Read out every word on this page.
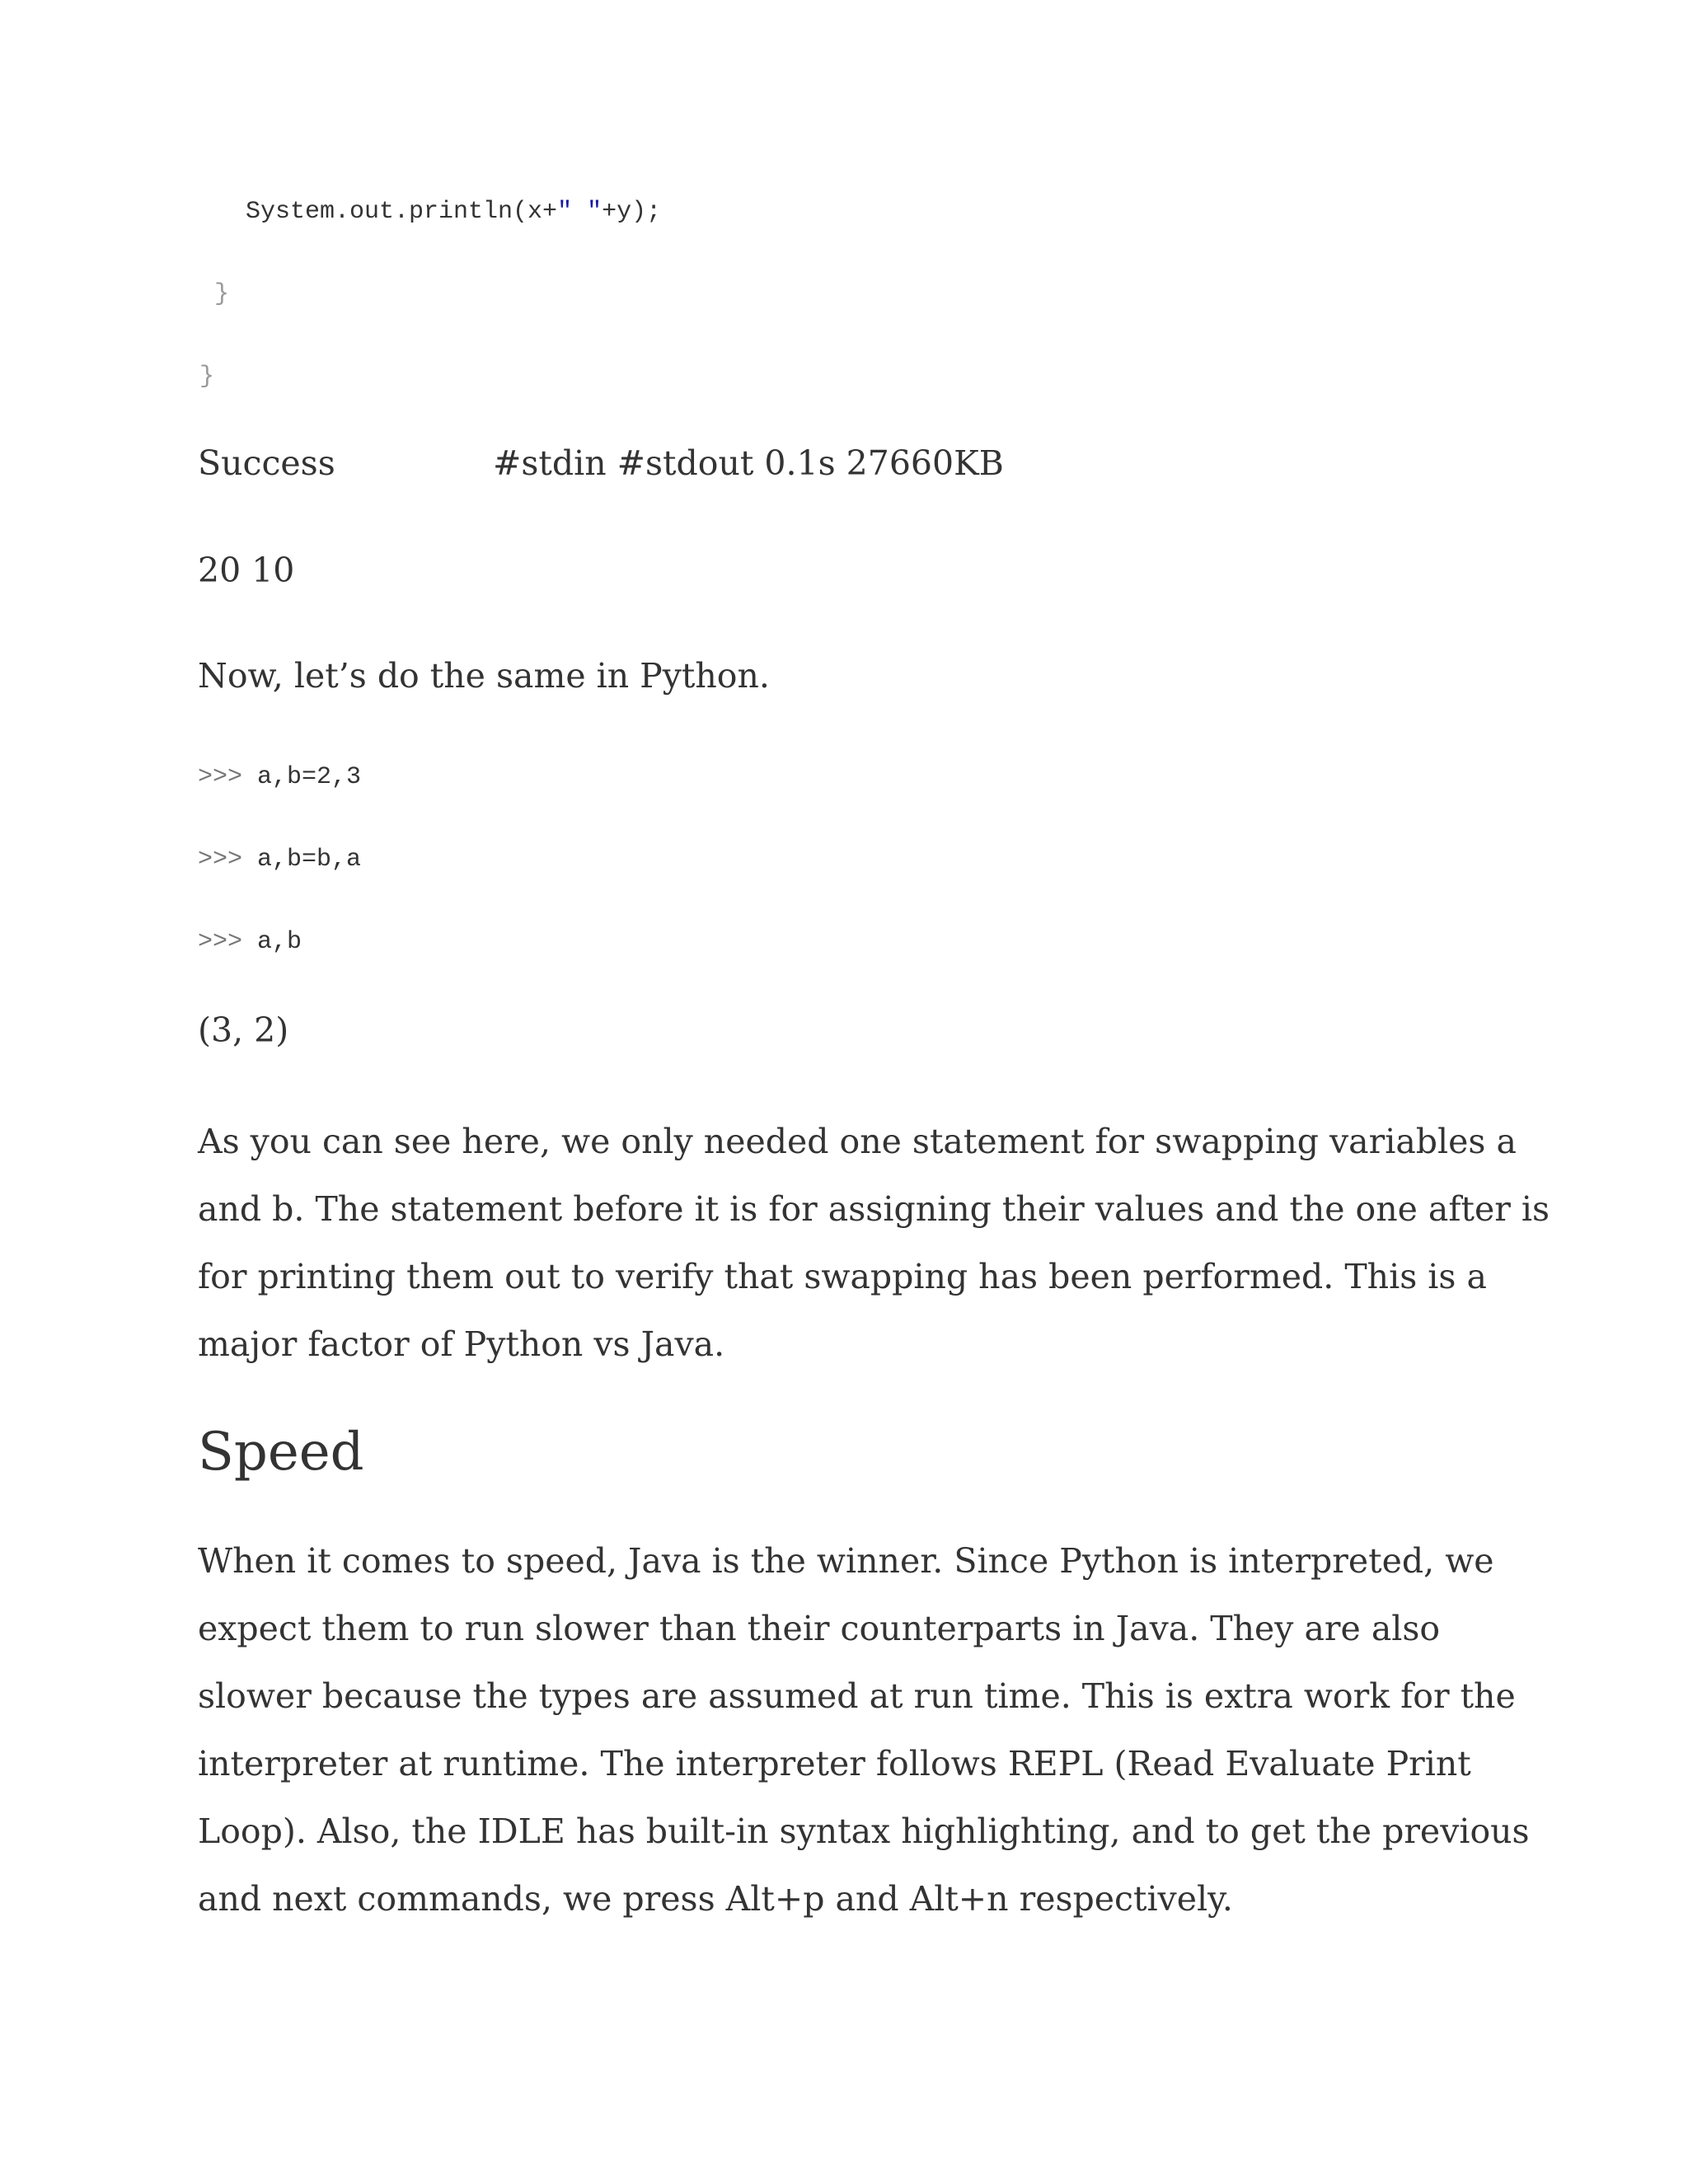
System.out.println(x+" "+y);
}
}
Success	#stdin #stdout 0.1s 27660KB
20 10
Now, let’s do the same in Python.
>>> a,b=2,3
>>> a,b=b,a
>>> a,b
(3, 2)
As you can see here, we only needed one statement for swapping variables a
and b. The statement before it is for assigning their values and the one after is
for printing them out to verify that swapping has been performed. This is a
major factor of Python vs Java.
Speed
When it comes to speed, Java is the winner. Since Python is interpreted, we
expect them to run slower than their counterparts in Java. They are also
slower because the types are assumed at run time. This is extra work for the
interpreter at runtime. The interpreter follows REPL (Read Evaluate Print
Loop). Also, the IDLE has built-in syntax highlighting, and to get the previous
and next commands, we press Alt+p and Alt+n respectively.
